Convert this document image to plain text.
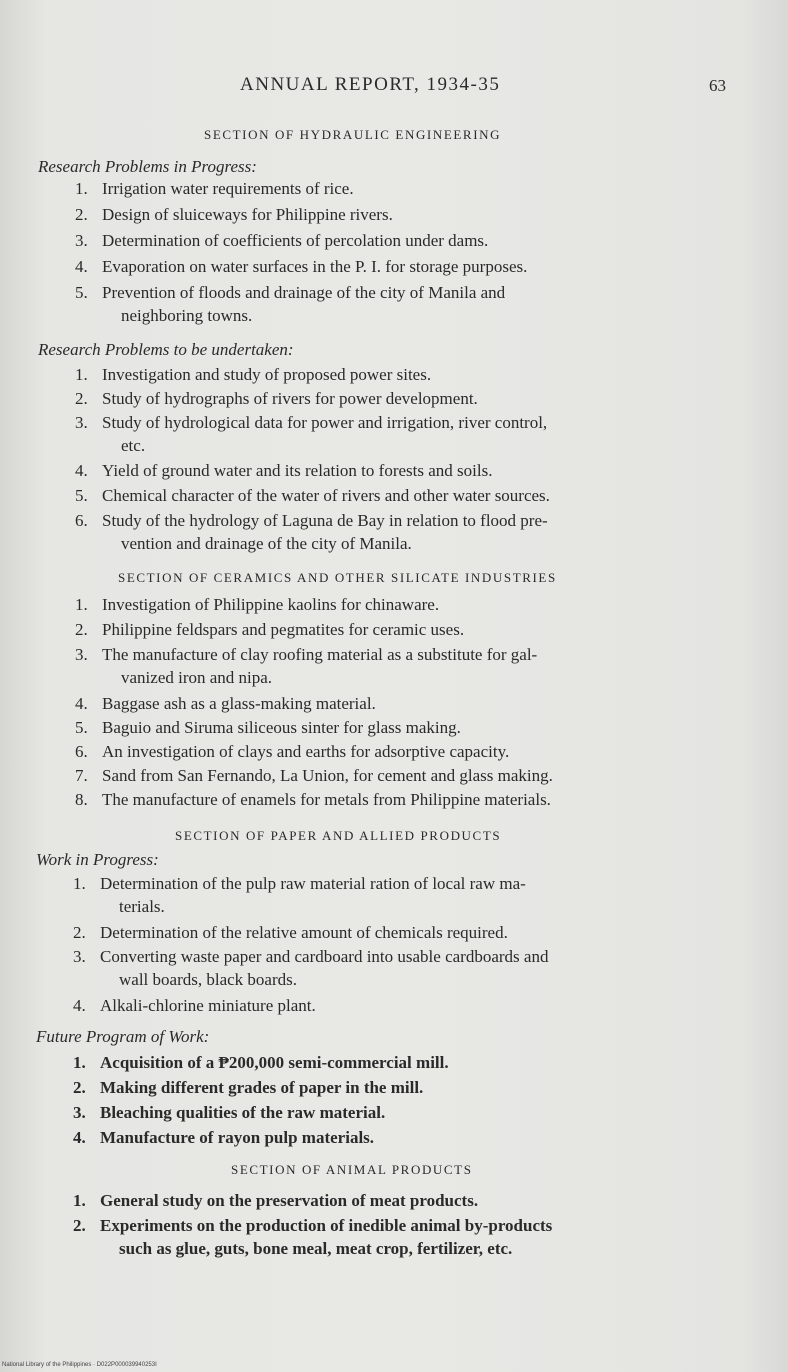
ANNUAL REPORT, 1934-35	63
SECTION OF HYDRAULIC ENGINEERING
Research Problems in Progress:
1. Irrigation water requirements of rice.
2. Design of sluiceways for Philippine rivers.
3. Determination of coefficients of percolation under dams.
4. Evaporation on water surfaces in the P. I. for storage purposes.
5. Prevention of floods and drainage of the city of Manila and
neighboring towns.
Research Problems to be undertaken:
1. Investigation and study of proposed power sites.
2. Study of hydrographs of rivers for power development.
3. Study of hydrological data for power and irrigation, river control,
etc.
4. Yield of ground water and its relation to forests and soils.
5. Chemical character of the water of rivers and other water sources.
6. Study of the hydrology of Laguna de Bay in relation to flood pre-
vention and drainage of the city of Manila.
SECTION OF CERAMICS AND OTHER SILICATE INDUSTRIES
1. Investigation of Philippine kaolins for chinaware.
2. Philippine feldspars and pegmatites for ceramic uses.
3. The manufacture of clay roofing material as a substitute for gal-
vanized iron and nipa.
4. Baggase ash as a glass-making material.
5. Baguio and Siruma siliceous sinter for glass making.
6. An investigation of clays and earths for adsorptive capacity.
7. Sand from San Fernando, La Union, for cement and glass making.
8. The manufacture of enamels for metals from Philippine materials.
SECTION OF PAPER AND ALLIED PRODUCTS
Work in Progress:
1. Determination of the pulp raw material ration of local raw ma-
terials.
2. Determination of the relative amount of chemicals required.
3. Converting waste paper and cardboard into usable cardboards and
wall boards, black boards.
4. Alkali-chlorine miniature plant.
Future Program of Work:
1. Acquisition of a ₱200,000 semi-commercial mill.
2. Making different grades of paper in the mill.
3. Bleaching qualities of the raw material.
4. Manufacture of rayon pulp materials.
SECTION OF ANIMAL PRODUCTS
1. General study on the preservation of meat products.
2. Experiments on the production of inedible animal by-products
such as glue, guts, bone meal, meat crop, fertilizer, etc.
National Library of the Philippines · D022P000039940253I
